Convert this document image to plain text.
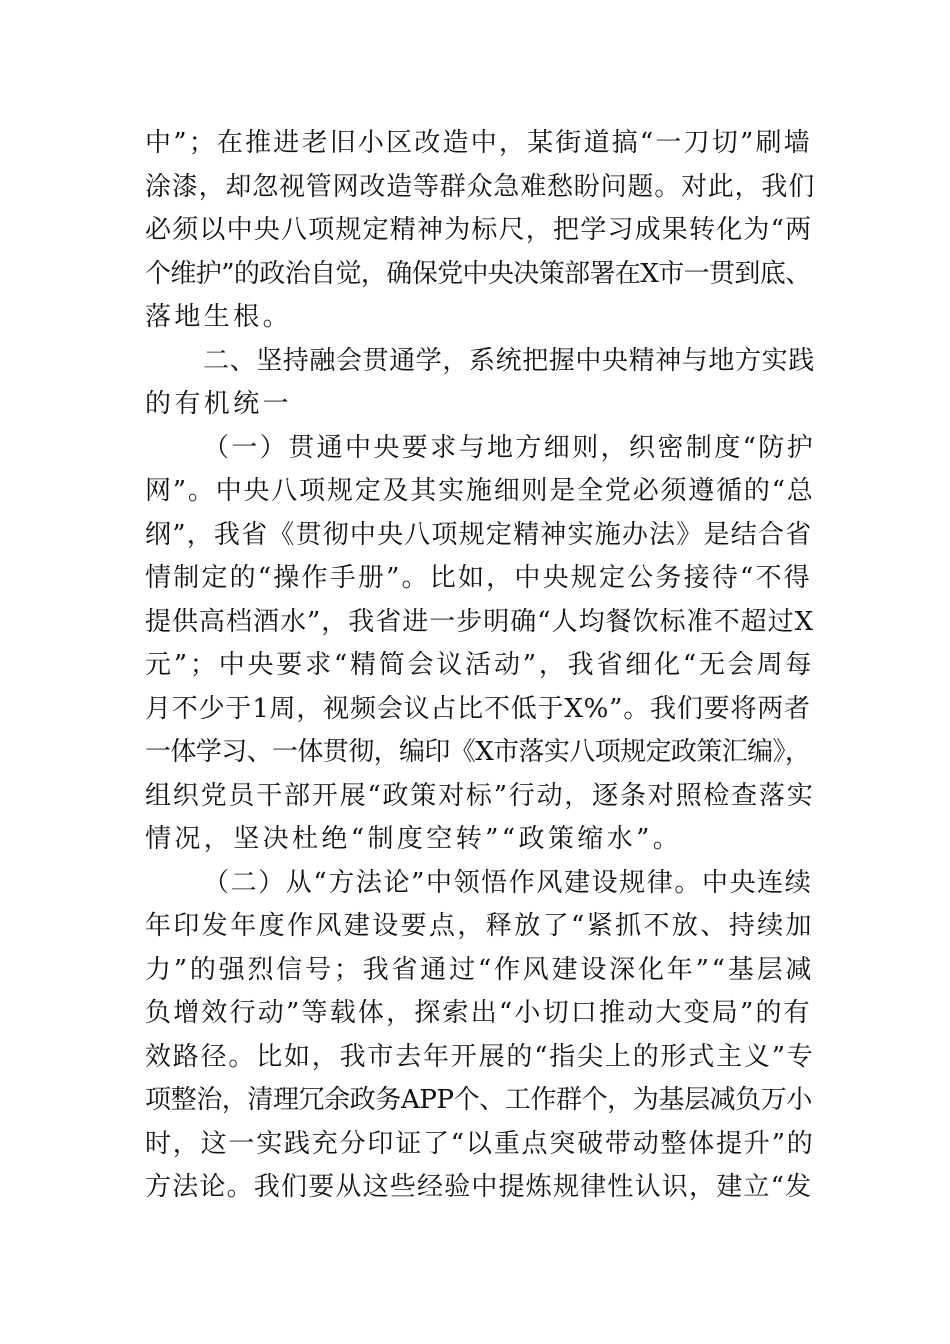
中”；在推进老旧小区改造中，某街道搞“一刀切”刷墙
涂漆，却忽视管网改造等群众急难愁盼问题。对此，我们
必须以中央八项规定精神为标尺，把学习成果转化为“两
个维护”的政治自觉，确保党中央决策部署在X市一贯到底、
落地生根。
二、坚持融会贯通学，系统把握中央精神与地方实践
的有机统一
（一）贯通中央要求与地方细则，织密制度“防护
网”。中央八项规定及其实施细则是全党必须遵循的“总
纲”，我省《贯彻中央八项规定精神实施办法》是结合省
情制定的“操作手册”。比如，中央规定公务接待“不得
提供高档酒水”，我省进一步明确“人均餐饮标准不超过X
元”；中央要求“精简会议活动”，我省细化“无会周每
月不少于1周，视频会议占比不低于X%”。我们要将两者
一体学习、一体贯彻，编印《X市落实八项规定政策汇编》，
组织党员干部开展“政策对标”行动，逐条对照检查落实
情况，坚决杜绝“制度空转”“政策缩水”。
（二）从“方法论”中领悟作风建设规律。中央连续
年印发年度作风建设要点，释放了“紧抓不放、持续加
力”的强烈信号；我省通过“作风建设深化年”“基层减
负增效行动”等载体，探索出“小切口推动大变局”的有
效路径。比如，我市去年开展的“指尖上的形式主义”专
项整治，清理冗余政务APP个、工作群个，为基层减负万小
时，这一实践充分印证了“以重点突破带动整体提升”的
方法论。我们要从这些经验中提炼规律性认识，建立“发
